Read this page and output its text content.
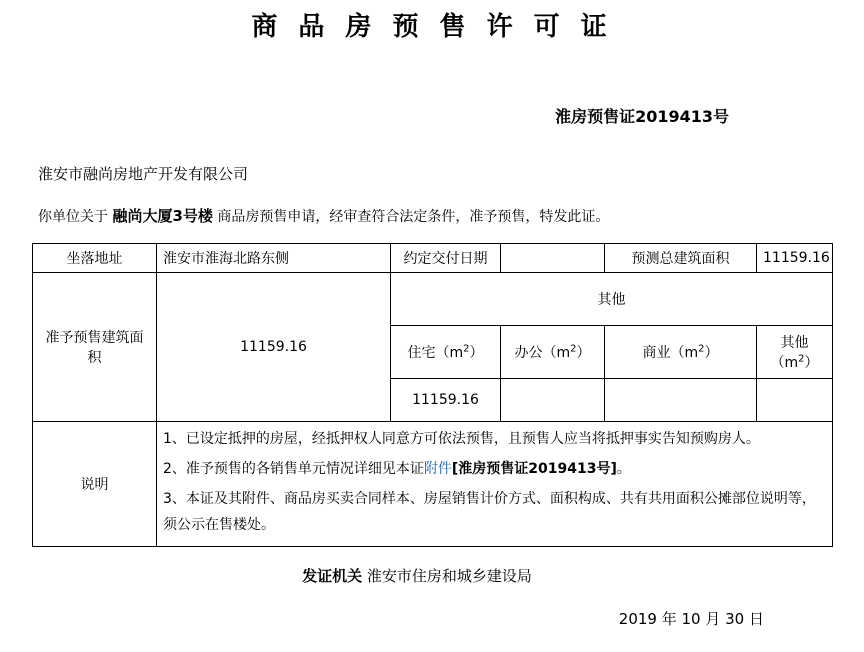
商 品 房 预 售 许 可 证
淮房预售证2019413号
淮安市融尚房地产开发有限公司
你单位关于 融尚大厦3号楼 商品房预售申请，经审查符合法定条件，准予预售，特发此证。
坐落地址	淮安市淮海北路东侧	约定交付日期		预测总建筑面积	11159.16
准予预售建筑面积	11159.16	其他			
		住宅$(m^2)$	办公$(m^2)$	商业$(m^2)$	其他$(m^2)$
		11159.16			
说明	1、已设定抵押的房屋，经抵押权人同意方可依法预售，且预售人应当将抵押事实告知预购房人。
2、准予预售的各销售单元情况详细见本证附件[淮房预售证2019413号]。
3、本证及其附件、商品房买卖合同样本、房屋销售计价方式、面积构成、共有共用面积公摊部位说明等，须公示在售楼处。				
发证机关 淮安市住房和城乡建设局
2019 年 10 月 30 日
